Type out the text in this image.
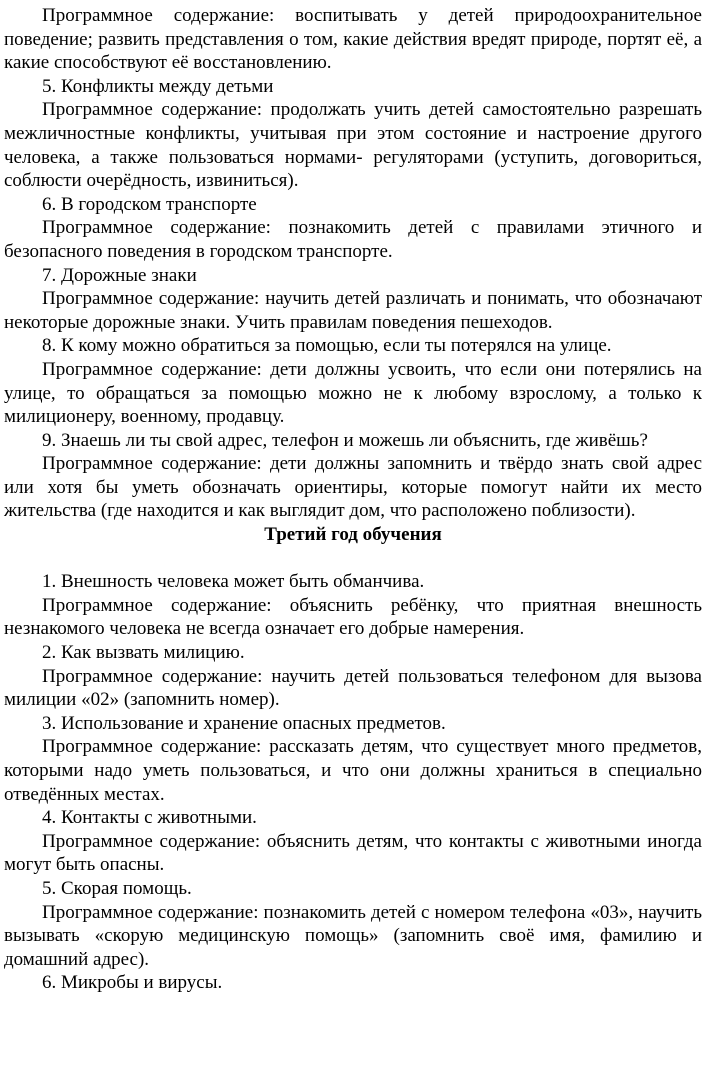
Программное содержание: воспитывать у детей природоохранительное поведение; развить представления о том, какие действия вредят природе, портят её, а какие способствуют её восстановлению.

5. Конфликты между детьми

Программное содержание: продолжать учить детей самостоятельно разрешать межличностные конфликты, учитывая при этом состояние и настроение другого человека, а также пользоваться нормами- регуляторами (уступить, договориться, соблюсти очерёдность, извиниться).

6. В городском транспорте

Программное содержание: познакомить детей с правилами этичного и безопасного поведения в городском транспорте.

7. Дорожные знаки

Программное содержание: научить детей различать и понимать, что обозначают некоторые дорожные знаки. Учить правилам поведения пешеходов.

8. К кому можно обратиться за помощью, если ты потерялся на улице.

Программное содержание: дети должны усвоить, что если они потерялись на улице, то обращаться за помощью можно не к любому взрослому, а только к милиционеру, военному, продавцу.

9. Знаешь ли ты свой адрес, телефон и можешь ли объяснить, где живёшь?

Программное содержание: дети должны запомнить и твёрдо знать свой адрес или хотя бы уметь обозначать ориентиры, которые помогут найти их место жительства (где находится и как выглядит дом, что расположено поблизости).

Третий год обучения

1. Внешность человека может быть обманчива.

Программное содержание: объяснить ребёнку, что приятная внешность незнакомого человека не всегда означает его добрые намерения.

2. Как вызвать милицию.

Программное содержание: научить детей пользоваться телефоном для вызова милиции «02» (запомнить номер).

3. Использование и хранение опасных предметов.

Программное содержание: рассказать детям, что существует много предметов, которыми надо уметь пользоваться, и что они должны храниться в специально отведённых местах.

4. Контакты с животными.

Программное содержание: объяснить детям, что контакты с животными иногда могут быть опасны.

5. Скорая помощь.

Программное содержание: познакомить детей с номером телефона «03», научить вызывать «скорую медицинскую помощь» (запомнить своё имя, фамилию и домашний адрес).

6. Микробы и вирусы.
